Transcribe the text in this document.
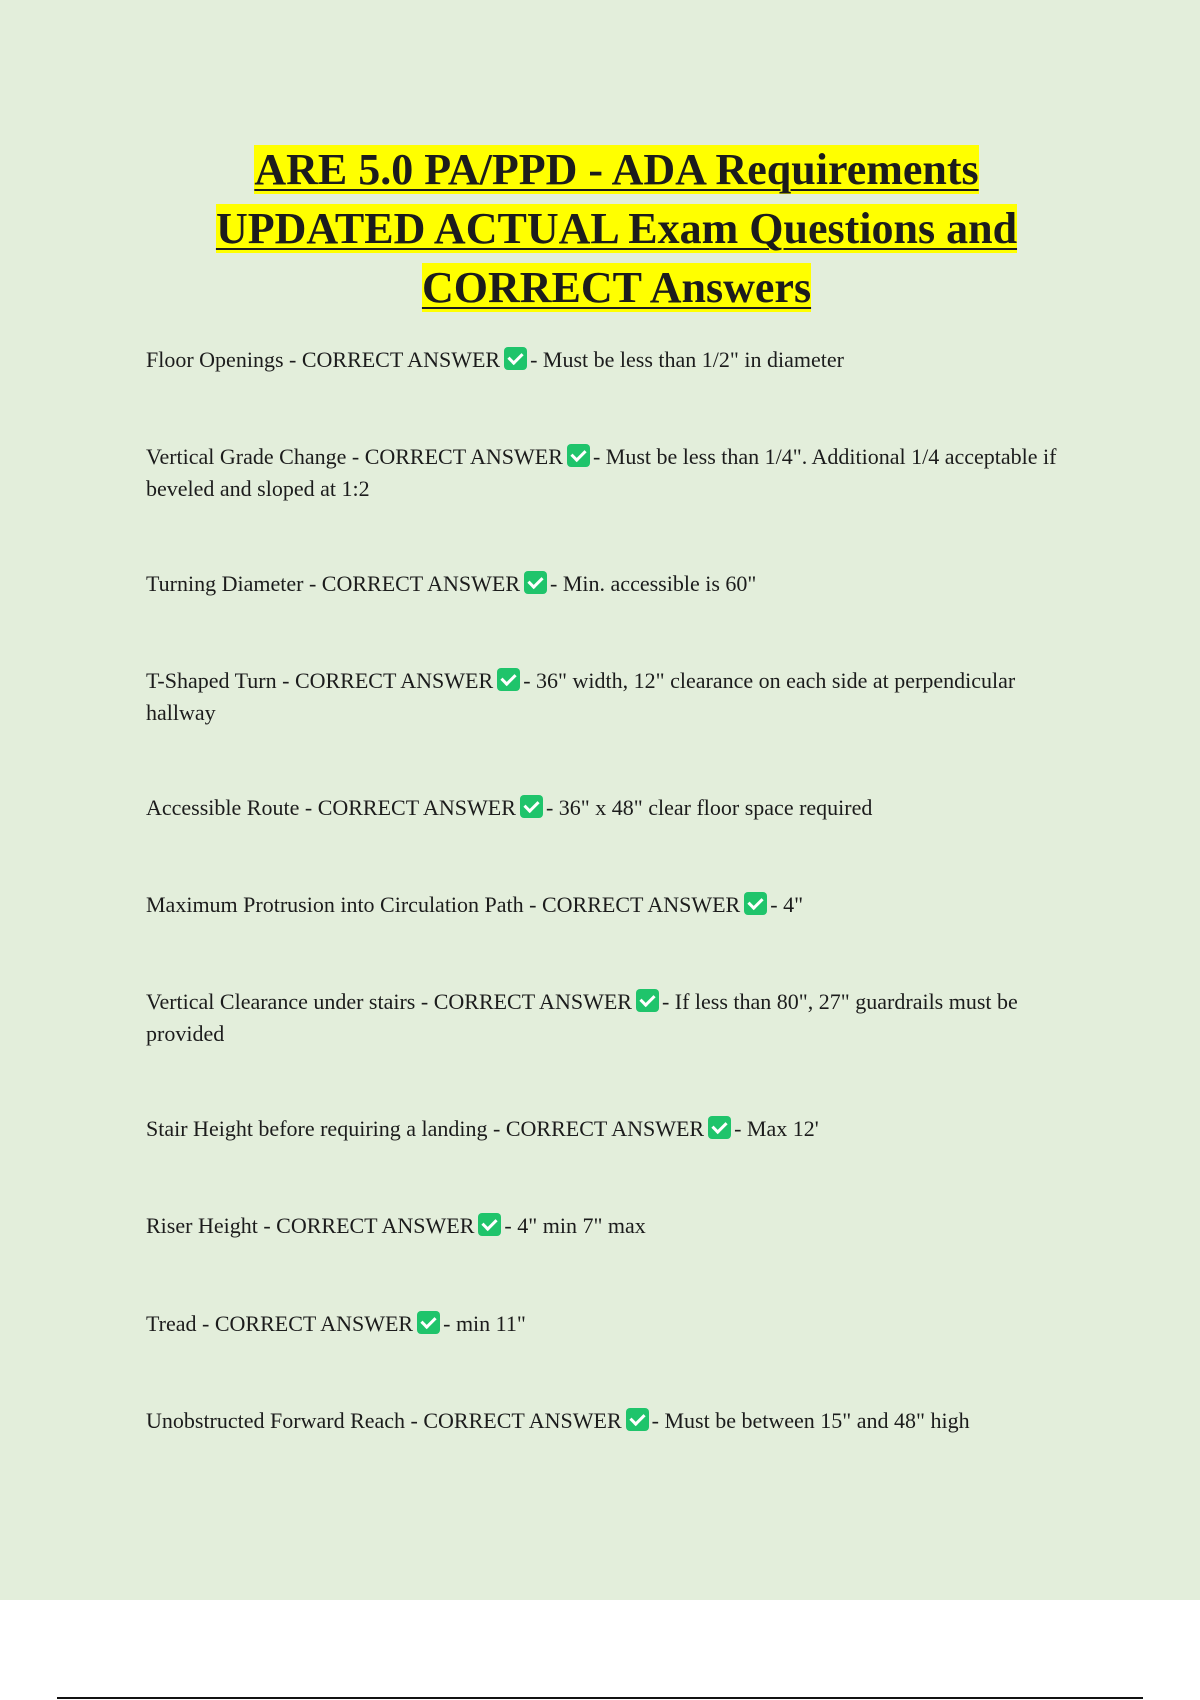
ARE 5.0 PA/PPD - ADA Requirements
UPDATED ACTUAL Exam Questions and
CORRECT Answers

Floor Openings - CORRECT ANSWER - Must be less than 1/2" in diameter

Vertical Grade Change - CORRECT ANSWER - Must be less than 1/4". Additional 1/4 acceptable if beveled and sloped at 1:2

Turning Diameter - CORRECT ANSWER - Min. accessible is 60"

T-Shaped Turn - CORRECT ANSWER - 36" width, 12" clearance on each side at perpendicular hallway

Accessible Route - CORRECT ANSWER - 36" x 48" clear floor space required

Maximum Protrusion into Circulation Path - CORRECT ANSWER - 4"

Vertical Clearance under stairs - CORRECT ANSWER - If less than 80", 27" guardrails must be provided

Stair Height before requiring a landing - CORRECT ANSWER - Max 12'

Riser Height - CORRECT ANSWER - 4" min 7" max

Tread - CORRECT ANSWER - min 11"

Unobstructed Forward Reach - CORRECT ANSWER - Must be between 15" and 48" high
